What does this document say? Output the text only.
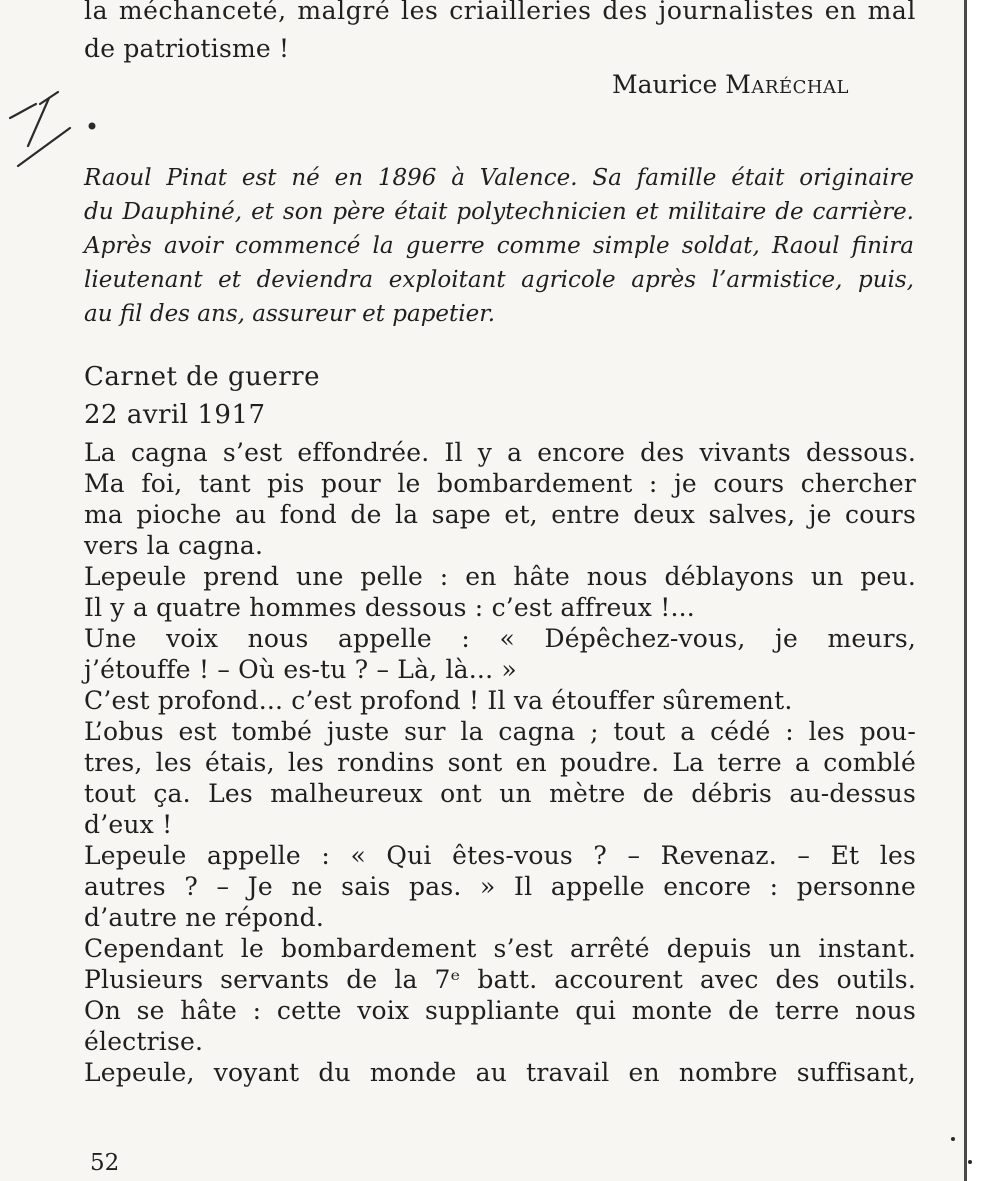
la méchanceté, malgré les criailleries des journalistes en mal
de patriotisme !
Maurice Maréchal
Raoul Pinat est né en 1896 à Valence. Sa famille était originaire
du Dauphiné, et son père était polytechnicien et militaire de carrière.
Après avoir commencé la guerre comme simple soldat, Raoul finira
lieutenant et deviendra exploitant agricole après l’armistice, puis,
au fil des ans, assureur et papetier.
Carnet de guerre
22 avril 1917
La cagna s’est effondrée. Il y a encore des vivants dessous.
Ma foi, tant pis pour le bombardement : je cours chercher
ma pioche au fond de la sape et, entre deux salves, je cours
vers la cagna.
Lepeule prend une pelle : en hâte nous déblayons un peu.
Il y a quatre hommes dessous : c’est affreux !...
Une voix nous appelle : « Dépêchez-vous, je meurs,
j’étouffe ! – Où es-tu ? – Là, là... »
C’est profond... c’est profond ! Il va étouffer sûrement.
L’obus est tombé juste sur la cagna ; tout a cédé : les pou-
tres, les étais, les rondins sont en poudre. La terre a comblé
tout ça. Les malheureux ont un mètre de débris au-dessus
d’eux !
Lepeule appelle : « Qui êtes-vous ? – Revenaz. – Et les
autres ? – Je ne sais pas. » Il appelle encore : personne
d’autre ne répond.
Cependant le bombardement s’est arrêté depuis un instant.
Plusieurs servants de la 7ᵉ batt. accourent avec des outils.
On se hâte : cette voix suppliante qui monte de terre nous
électrise.
Lepeule, voyant du monde au travail en nombre suffisant,
52
